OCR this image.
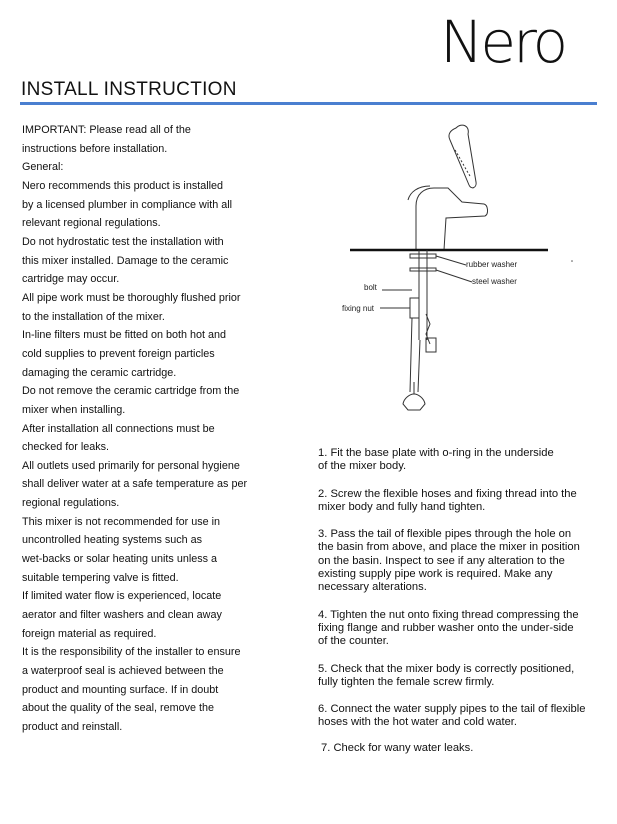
Nero
INSTALL INSTRUCTION

IMPORTANT: Please read all of the

instructions before installation.

General:

Nero recommends this product is installed

by a licensed plumber in compliance with all

relevant regional regulations.

Do not hydrostatic test the installation with

this mixer installed. Damage to the ceramic

cartridge may occur.

All pipe work must be thoroughly flushed prior

to the installation of the mixer.

In-line filters must be fitted on both hot and

cold supplies to prevent foreign particles

damaging the ceramic cartridge.

Do not remove the ceramic cartridge from the

mixer when installing.

After installation all connections must be

checked for leaks.

All outlets used primarily for personal hygiene

shall deliver water at a safe temperature as per

regional regulations.

This mixer is not recommended for use in

uncontrolled heating systems such as

wet-backs or solar heating units unless a

suitable tempering valve is fitted.

If limited water flow is experienced, locate

aerator and filter washers and clean away

foreign material as required.

It is the responsibility of the installer to ensure

a waterproof seal is achieved between the

product and mounting surface. If in doubt

about the quality of the seal, remove the

product and reinstall.

rubber washer
steel washer
bolt
fixing nut

1. Fit the base plate with o-ring in the underside
of the mixer body.

2. Screw the flexible hoses and fixing thread into the
mixer body and fully hand tighten.

3. Pass the tail of flexible pipes through the hole on
the basin from above, and place the mixer in position
on the basin. Inspect to see if any alteration to the
existing supply pipe work is required. Make any
necessary alterations.

4. Tighten the nut onto fixing thread compressing the
fixing flange and rubber washer onto the under-side
of the counter.

5. Check that the mixer body is correctly positioned,
fully tighten the female screw firmly.

6. Connect the water supply pipes to the tail of flexible
hoses with the hot water and cold water.

7. Check for wany water leaks.
